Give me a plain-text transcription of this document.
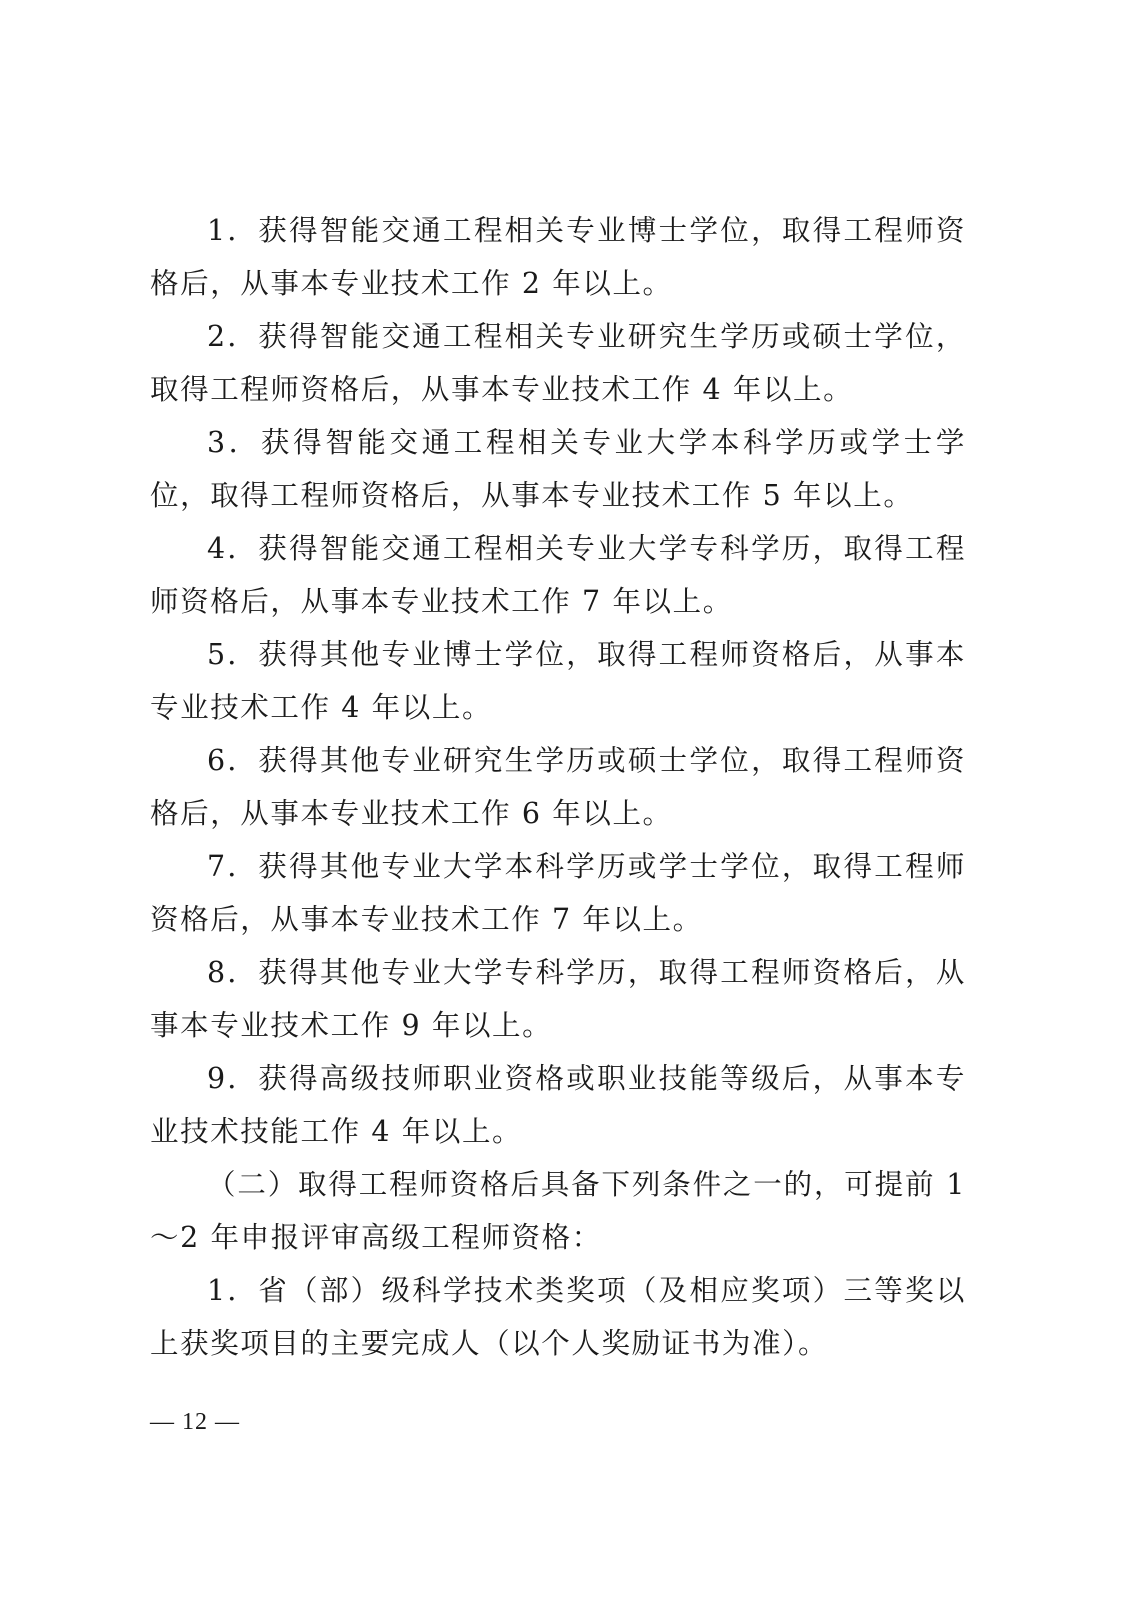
1．获得智能交通工程相关专业博士学位，取得工程师资格后，从事本专业技术工作 2 年以上。

2．获得智能交通工程相关专业研究生学历或硕士学位，取得工程师资格后，从事本专业技术工作 4 年以上。

3．获得智能交通工程相关专业大学本科学历或学士学位，取得工程师资格后，从事本专业技术工作 5 年以上。

4．获得智能交通工程相关专业大学专科学历，取得工程师资格后，从事本专业技术工作 7 年以上。

5．获得其他专业博士学位，取得工程师资格后，从事本专业技术工作 4 年以上。

6．获得其他专业研究生学历或硕士学位，取得工程师资格后，从事本专业技术工作 6 年以上。

7．获得其他专业大学本科学历或学士学位，取得工程师资格后，从事本专业技术工作 7 年以上。

8．获得其他专业大学专科学历，取得工程师资格后，从事本专业技术工作 9 年以上。

9．获得高级技师职业资格或职业技能等级后，从事本专业技术技能工作 4 年以上。

（二）取得工程师资格后具备下列条件之一的，可提前 1～2 年申报评审高级工程师资格：

1．省（部）级科学技术类奖项（及相应奖项）三等奖以上获奖项目的主要完成人（以个人奖励证书为准）。

— 12 —
